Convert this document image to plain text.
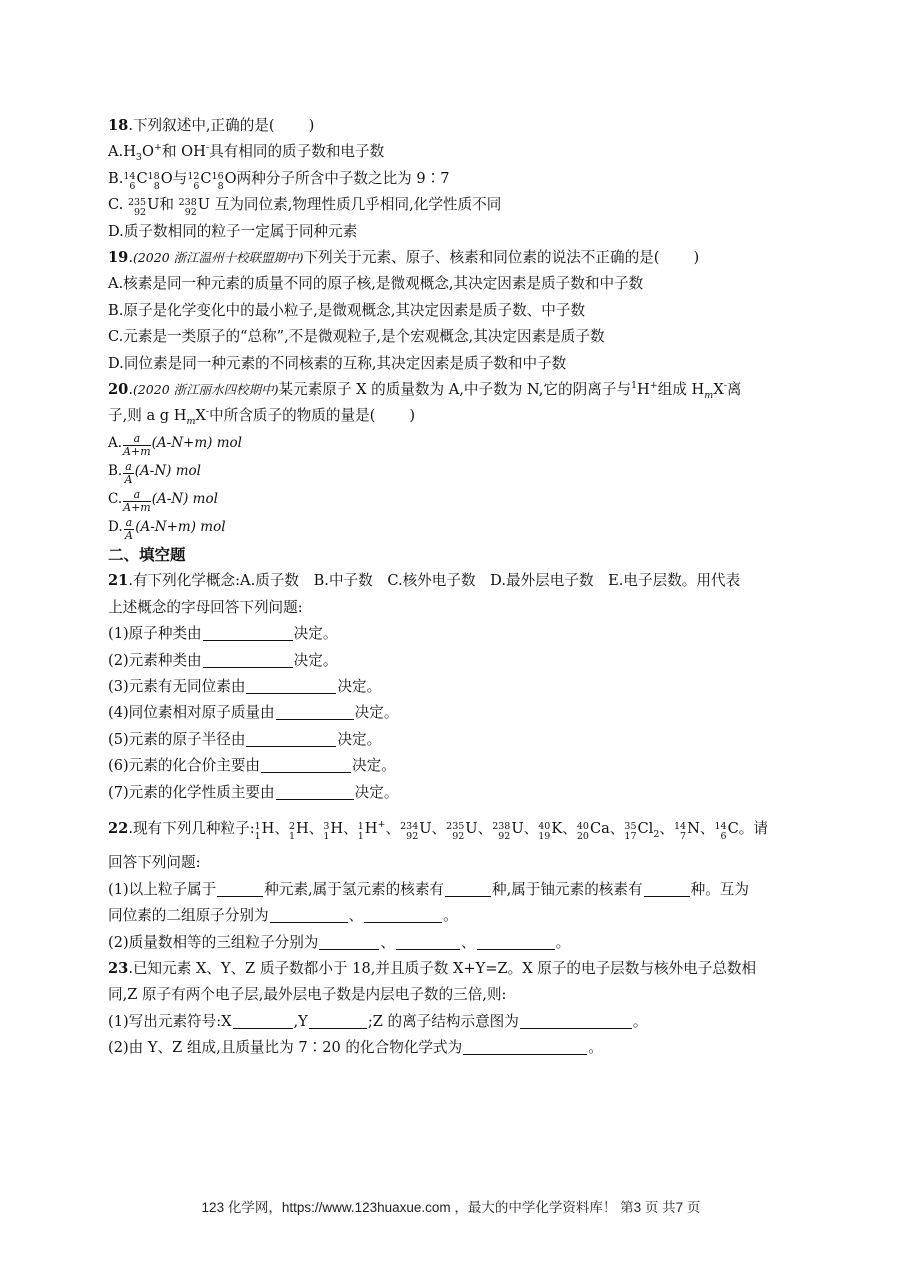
18.下列叙述中,正确的是( )
$A.H_3O^+$和 OH-具有相同的质子数和电子数
B. 14
6 C 18
8 O与 12
6 C 16
8 O两种分子所含中子数之比为 9∶7
C. 235
92 U和 238
92 U 互为同位素,物理性质几乎相同,化学性质不同
D.质子数相同的粒子一定属于同种元素
19.(2020 浙江温州十校联盟期中)下列关于元素、原子、核素和同位素的说法不正确的是( )
A.核素是同一种元素的质量不同的原子核,是微观概念,其决定因素是质子数和中子数
B.原子是化学变化中的最小粒子,是微观概念,其决定因素是质子数、中子数
C.元素是一类原子的“总称”,不是微观粒子,是个宏观概念,其决定因素是质子数
D.同位素是同一种元素的不同核素的互称,其决定因素是质子数和中子数
20.(2020 浙江丽水四校期中)某元素原子 X 的质量数为 A,中子数为 N,它的阴离子与$^1$H+组成 $H_mX^-$离
子,则 a g $H_mX^-$中所含质子的物质的量是( )
A. $\frac{a}{A+m} (A-N+m)$ mol
B. $\frac{a}{A} (A-N)$ mol
C. $\frac{a}{A+m} (A-N)$ mol
D. $\frac{a}{A} (A-N+m)$ mol
二、填空题
21.有下列化学概念:A.质子数　B.中子数　C.核外电子数　D.最外层电子数　E.电子层数。用代表
上述概念的字母回答下列问题:
(1)原子种类由	决定。
(2)元素种类由	决定。
(3)元素有无同位素由	决定。
(4)同位素相对原子质量由	决定。
(5)元素的原子半径由	决定。
(6)元素的化合价主要由	决定。
(7)元素的化学性质主要由	决定。
22.现有下列几种粒子: 1
1 H、 2
1 H、 3
1 H、 1
1 H+、 234
92 U、 235
92 U、 238
92 U、 40
19 K、 40
20 Ca、 35
17 $Cl_2$、 14
7 N、 14
6 C。请
回答下列问题:
(1)以上粒子属于	种元素,属于氢元素的核素有	种,属于铀元素的核素有	种。互为
同位素的二组原子分别为	、	。
(2)质量数相等的三组粒子分别为	、	、	。
23.已知元素 X、Y、Z 质子数都小于 18,并且质子数 X+Y=Z。X 原子的电子层数与核外电子总数相
同,Z 原子有两个电子层,最外层电子数是内层电子数的三倍,则:
(1)写出元素符号:X	,Y	;Z 的离子结构示意图为	。
(2)由 Y、Z 组成,且质量比为 7∶20 的化合物化学式为	。
123 化学网，https://www.123huaxue.com ，最大的中学化学资料库！ 第3 页 共7 页
